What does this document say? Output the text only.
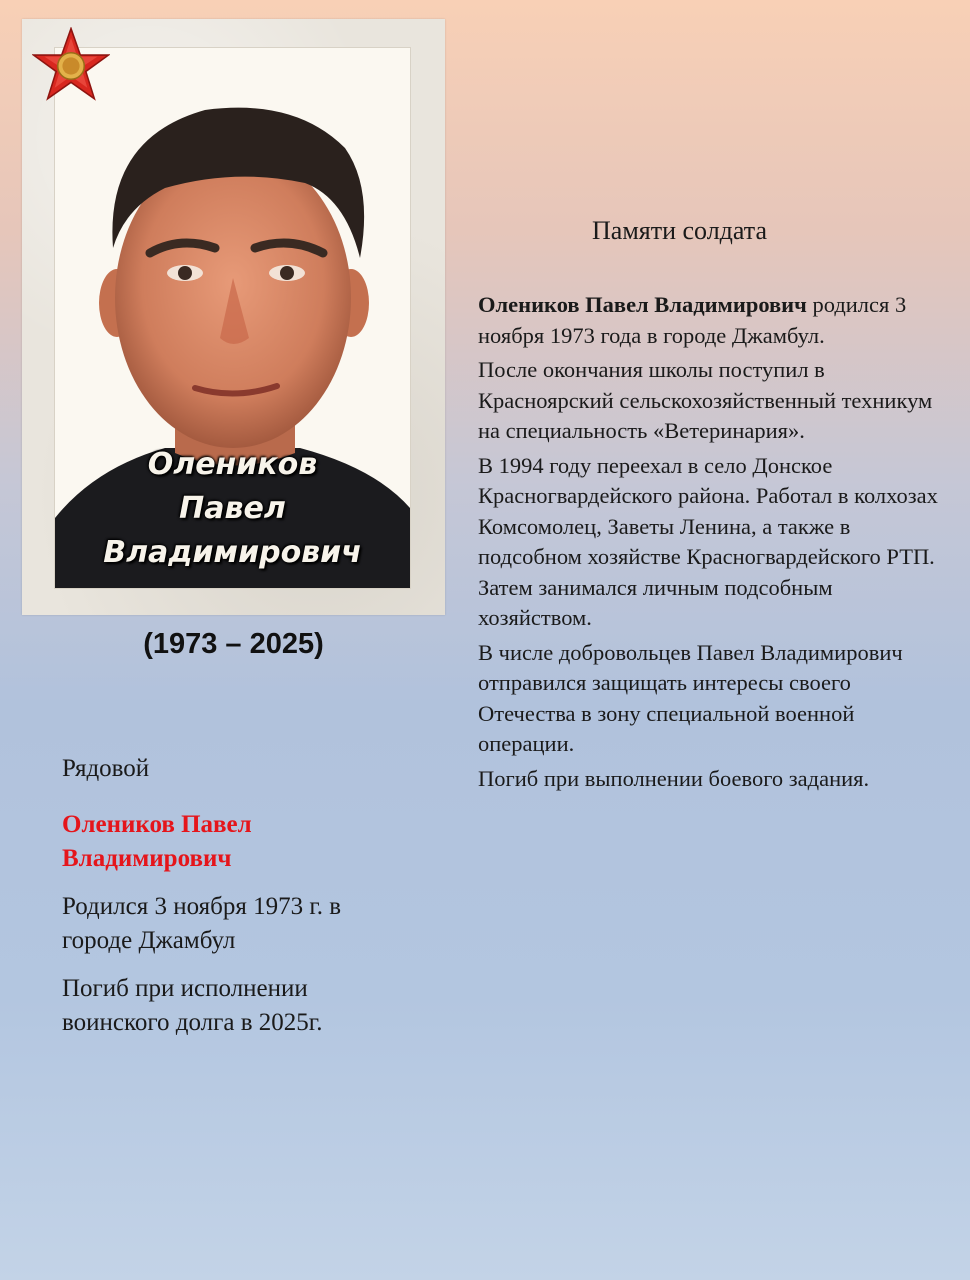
Олеников
Павел
Владимирович
(1973 – 2025)

Рядовой

Олеников Павел Владимирович

Родился 3 ноября 1973 г. в городе Джамбул

Погиб при исполнении воинского долга в 2025г.

Памяти солдата

Олеников Павел Владимирович родился 3 ноября 1973 года в городе Джамбул.

После окончания школы поступил в Красноярский сельскохозяйственный техникум на специальность «Ветеринария».

В 1994 году переехал в село Донское Красногвардейского района. Работал в колхозах Комсомолец, Заветы Ленина, а также в подсобном хозяйстве Красногвардейского РТП. Затем занимался личным подсобным хозяйством.

В числе добровольцев Павел Владимирович отправился защищать интересы своего Отечества в зону специальной военной операции.

Погиб при выполнении боевого задания.
